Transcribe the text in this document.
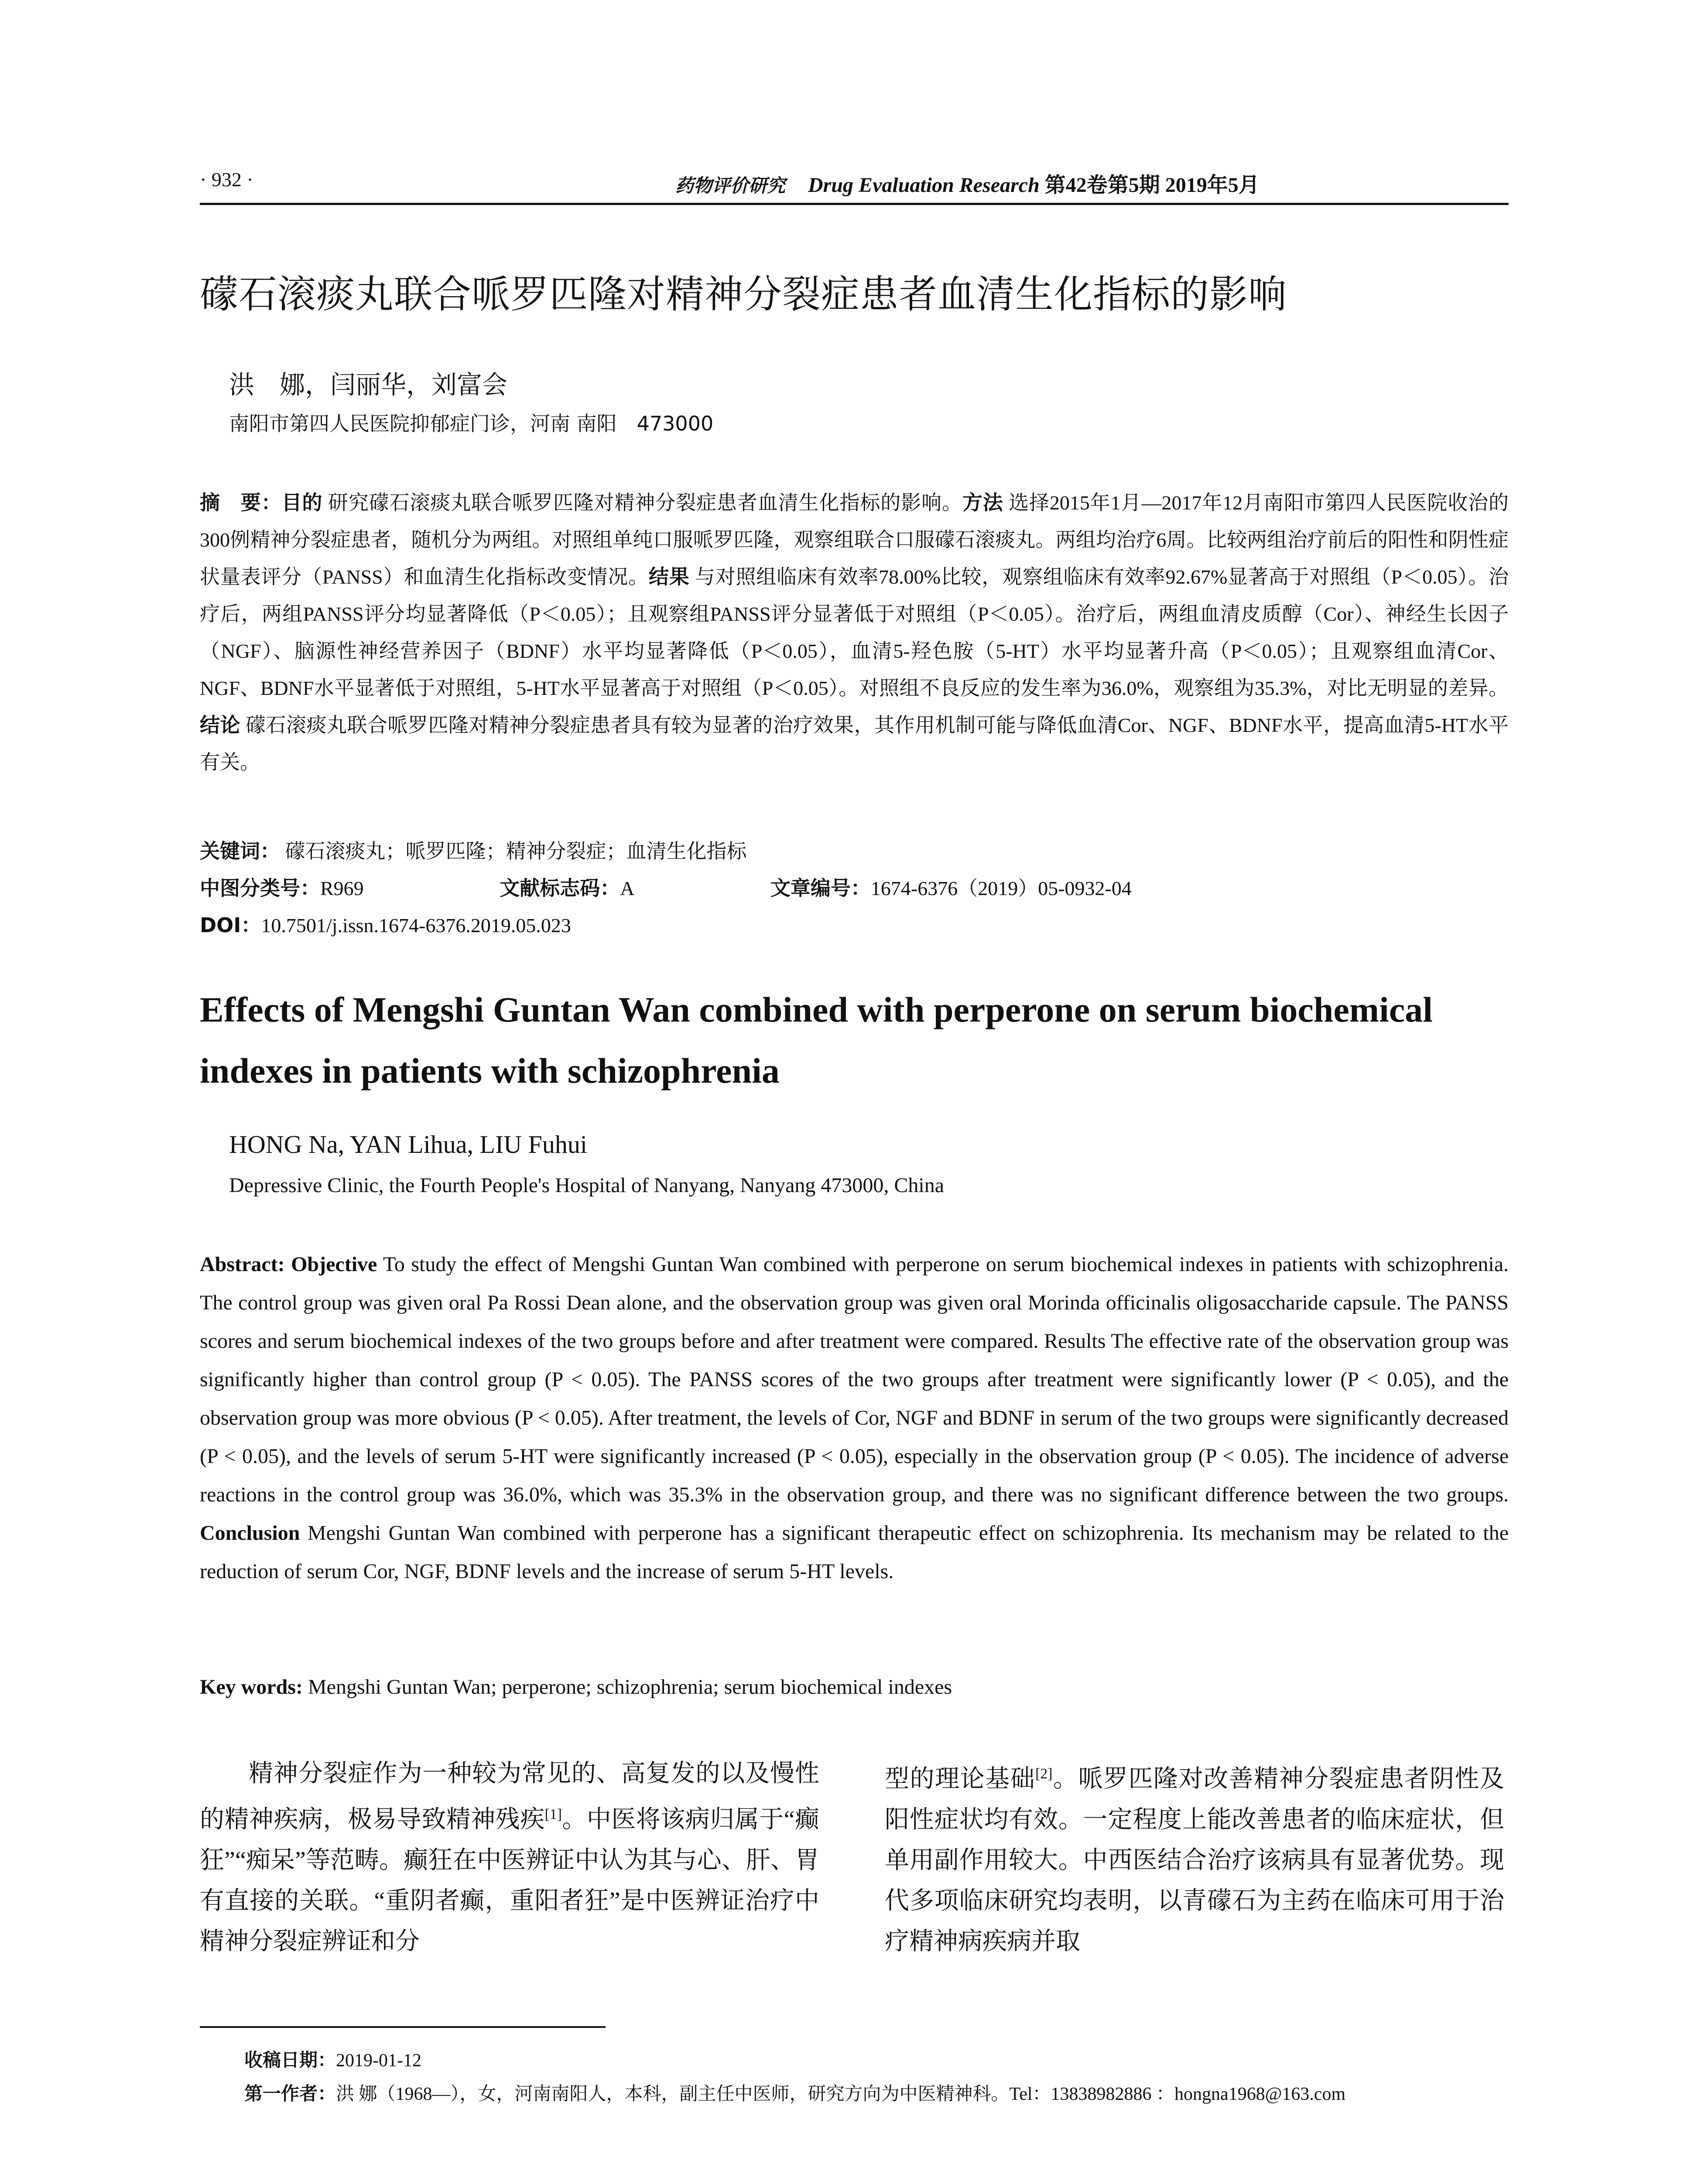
· 932 ·	药物评价研究 Drug Evaluation Research 第42卷第5期 2019年5月
礞石滚痰丸联合哌罗匹隆对精神分裂症患者血清生化指标的影响
洪　娜，闫丽华，刘富会
南阳市第四人民医院抑郁症门诊，河南 南阳　473000
摘　要：目的 研究礞石滚痰丸联合哌罗匹隆对精神分裂症患者血清生化指标的影响。方法 选择2015年1月—2017年12月南阳市第四人民医院收治的300例精神分裂症患者，随机分为两组。对照组单纯口服哌罗匹隆，观察组联合口服礞石滚痰丸。两组均治疗6周。比较两组治疗前后的阳性和阴性症状量表评分（PANSS）和血清生化指标改变情况。结果 与对照组临床有效率78.00%比较，观察组临床有效率92.67%显著高于对照组（P＜0.05）。治疗后，两组PANSS评分均显著降低（P＜0.05）；且观察组PANSS评分显著低于对照组（P＜0.05）。治疗后，两组血清皮质醇（Cor）、神经生长因子（NGF）、脑源性神经营养因子（BDNF）水平均显著降低（P＜0.05），血清5-羟色胺（5-HT）水平均显著升高（P＜0.05）；且观察组血清Cor、NGF、BDNF水平显著低于对照组，5-HT水平显著高于对照组（P＜0.05）。对照组不良反应的发生率为36.0%，观察组为35.3%，对比无明显的差异。结论 礞石滚痰丸联合哌罗匹隆对精神分裂症患者具有较为显著的治疗效果，其作用机制可能与降低血清Cor、NGF、BDNF水平，提高血清5-HT水平有关。
关键词： 礞石滚痰丸；哌罗匹隆；精神分裂症；血清生化指标
中图分类号：R969	文献标志码：A	文章编号：1674-6376（2019）05-0932-04
DOI：10.7501/j.issn.1674-6376.2019.05.023
Effects of Mengshi Guntan Wan combined with perperone on serum biochemical indexes in patients with schizophrenia
HONG Na, YAN Lihua, LIU Fuhui
Depressive Clinic, the Fourth People's Hospital of Nanyang, Nanyang 473000, China
Abstract: Objective To study the effect of Mengshi Guntan Wan combined with perperone on serum biochemical indexes in patients with schizophrenia. The control group was given oral Pa Rossi Dean alone, and the observation group was given oral Morinda officinalis oligosaccharide capsule. The PANSS scores and serum biochemical indexes of the two groups before and after treatment were compared. Results The effective rate of the observation group was significantly higher than control group (P < 0.05). The PANSS scores of the two groups after treatment were significantly lower (P < 0.05), and the observation group was more obvious (P < 0.05). After treatment, the levels of Cor, NGF and BDNF in serum of the two groups were significantly decreased (P < 0.05), and the levels of serum 5-HT were significantly increased (P < 0.05), especially in the observation group (P < 0.05). The incidence of adverse reactions in the control group was 36.0%, which was 35.3% in the observation group, and there was no significant difference between the two groups. Conclusion Mengshi Guntan Wan combined with perperone has a significant therapeutic effect on schizophrenia. Its mechanism may be related to the reduction of serum Cor, NGF, BDNF levels and the increase of serum 5-HT levels.
Key words: Mengshi Guntan Wan; perperone; schizophrenia; serum biochemical indexes

精神分裂症作为一种较为常见的、高复发的以及慢性的精神疾病，极易导致精神残疾[1]。中医将该病归属于“癫狂”“痴呆”等范畴。癫狂在中医辨证中认为其与心、肝、胃有直接的关联。“重阴者癫，重阳者狂”是中医辨证治疗中精神分裂症辨证和分

型的理论基础[2]。哌罗匹隆对改善精神分裂症患者阴性及阳性症状均有效。一定程度上能改善患者的临床症状，但单用副作用较大。中西医结合治疗该病具有显著优势。现代多项临床研究均表明，以青礞石为主药在临床可用于治疗精神病疾病并取

收稿日期：2019-01-12
第一作者：洪 娜（1968—），女，河南南阳人，本科，副主任中医师，研究方向为中医精神科。Tel：13838982886 ：hongna1968@163.com
